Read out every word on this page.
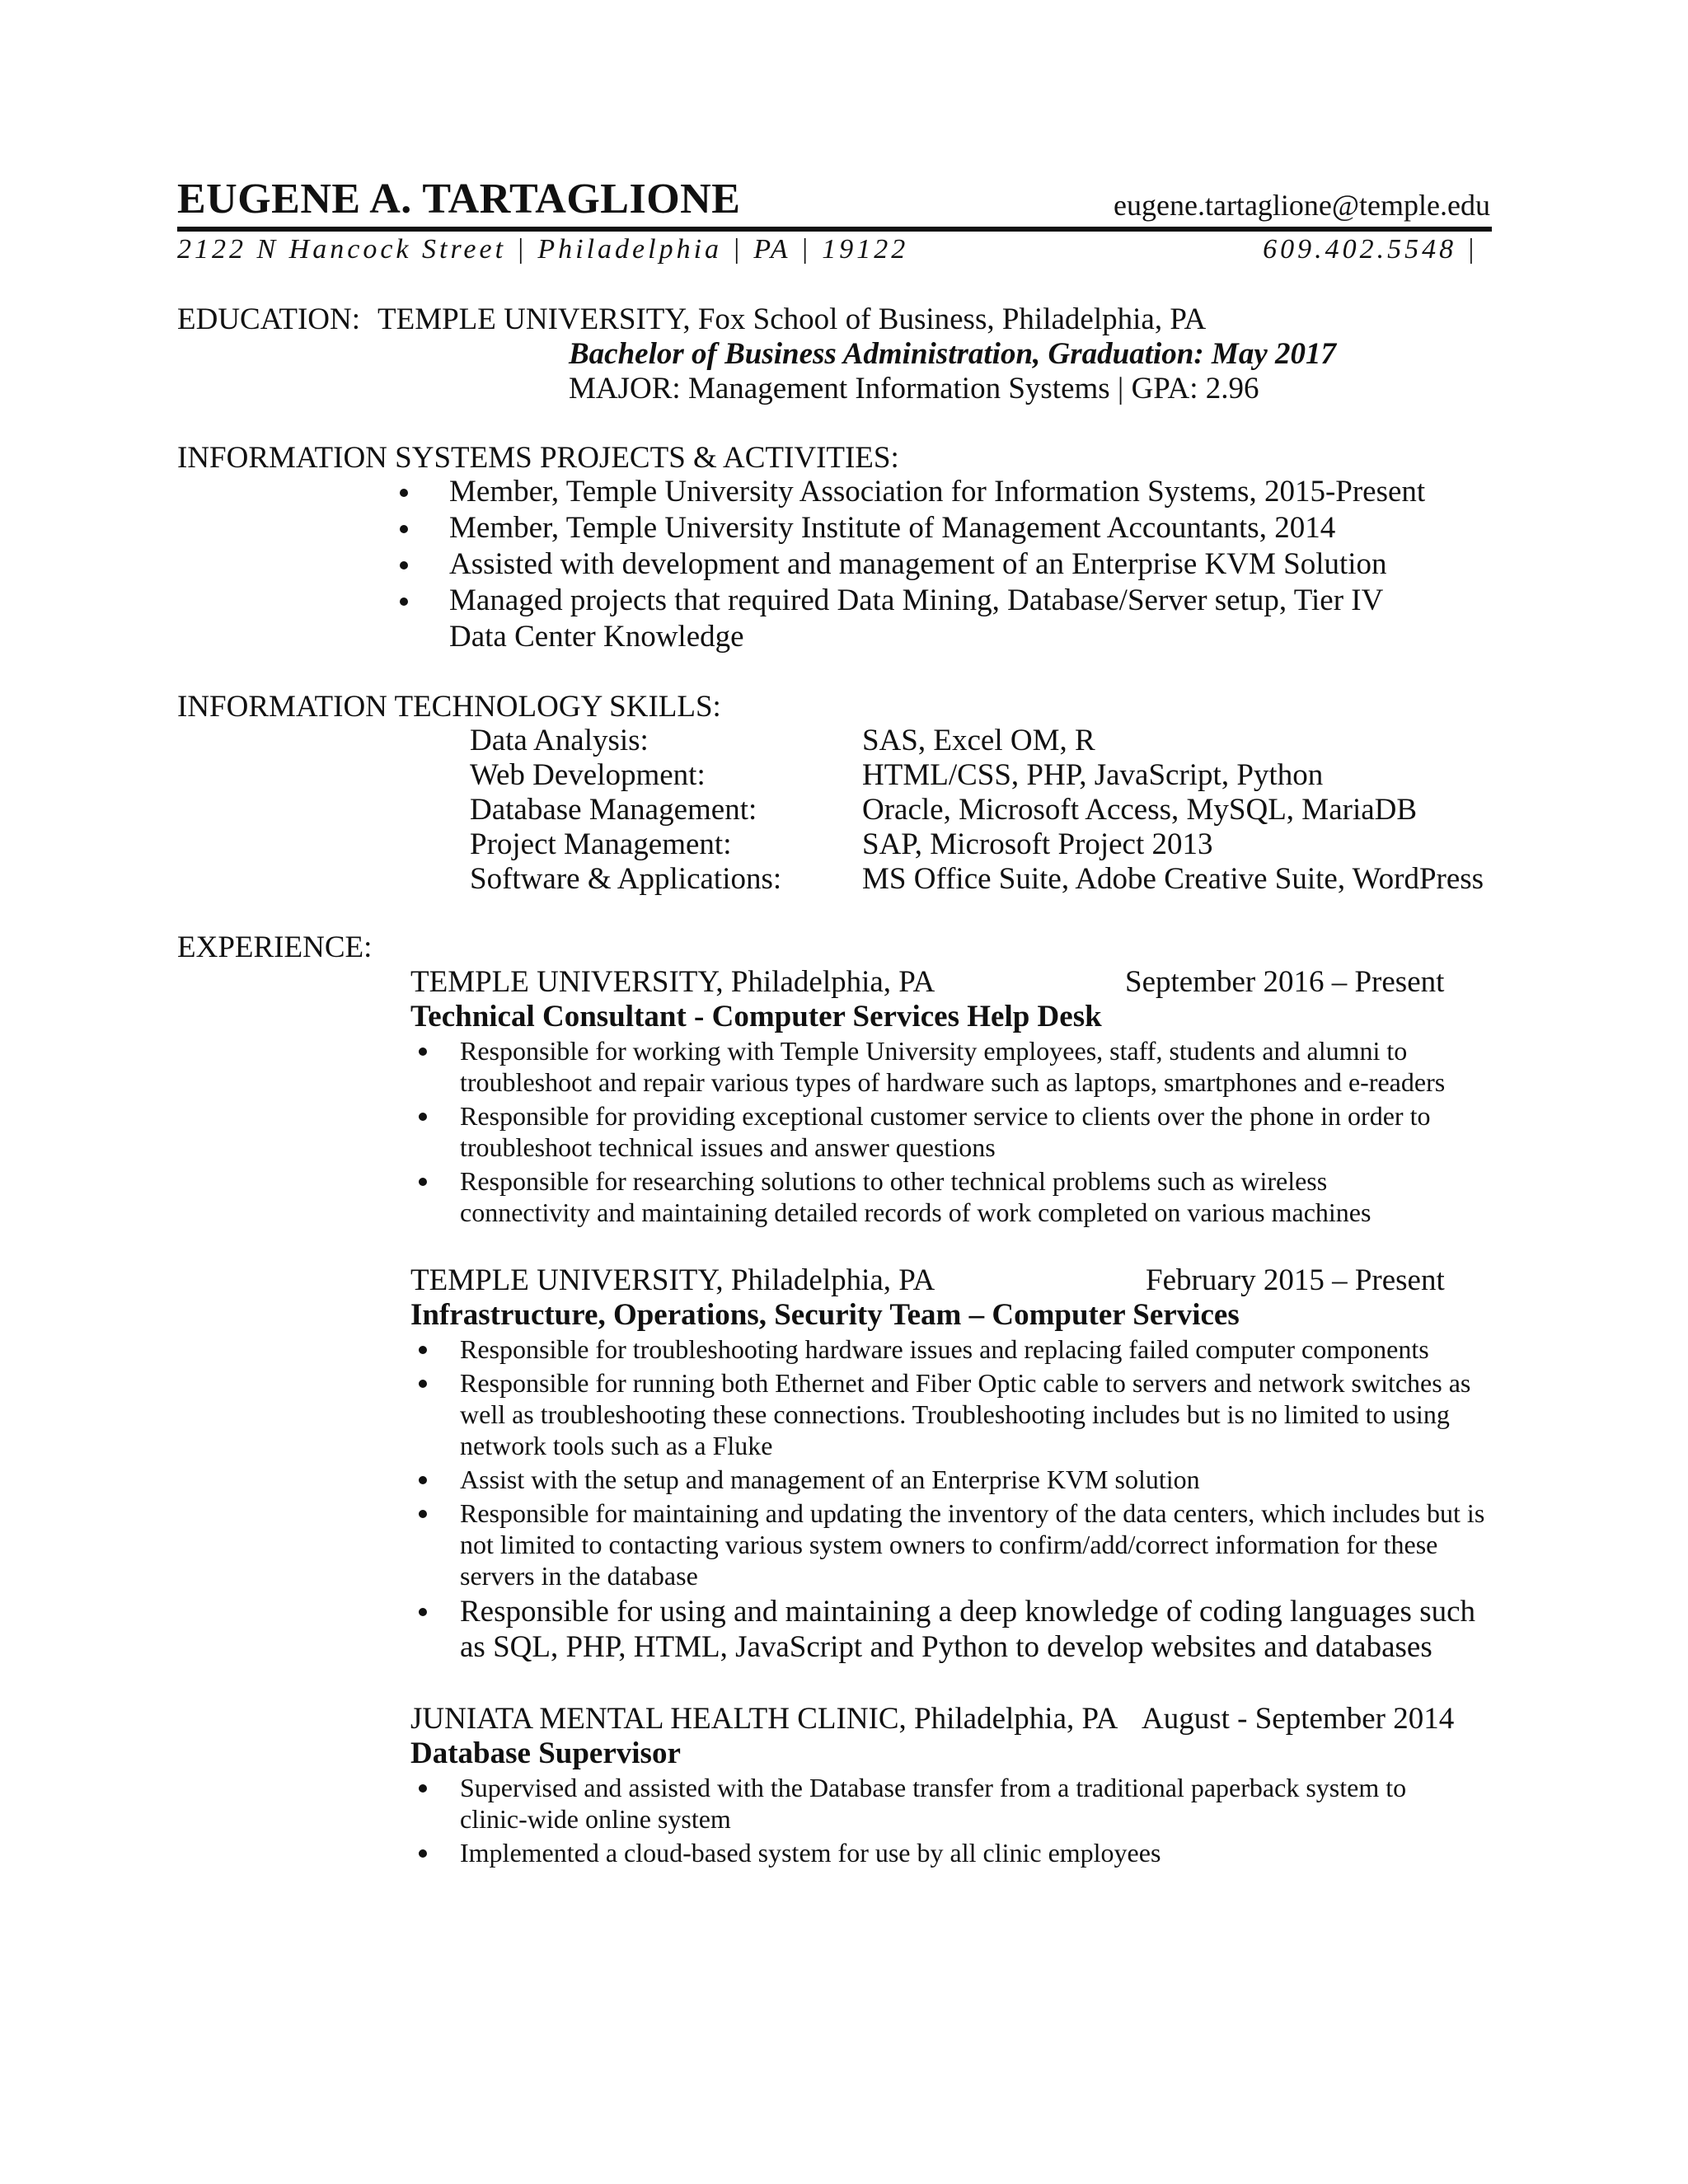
EUGENE A. TARTAGLIONE	eugene.tartaglione@temple.edu
2122 N Hancock Street | Philadelphia | PA | 19122	609.402.5548 |
EDUCATION: TEMPLE UNIVERSITY, Fox School of Business, Philadelphia, PA
Bachelor of Business Administration, Graduation: May 2017
MAJOR: Management Information Systems | GPA: 2.96
INFORMATION SYSTEMS PROJECTS & ACTIVITIES:
Member, Temple University Association for Information Systems, 2015-Present
Member, Temple University Institute of Management Accountants, 2014
Assisted with development and management of an Enterprise KVM Solution
Managed projects that required Data Mining, Database/Server setup, Tier IV Data Center Knowledge
INFORMATION TECHNOLOGY SKILLS:
Data Analysis:	SAS, Excel OM, R
Web Development:	HTML/CSS, PHP, JavaScript, Python
Database Management:	Oracle, Microsoft Access, MySQL, MariaDB
Project Management:	SAP, Microsoft Project 2013
Software & Applications:	MS Office Suite, Adobe Creative Suite, WordPress
EXPERIENCE:
TEMPLE UNIVERSITY, Philadelphia, PA	September 2016 – Present
Technical Consultant - Computer Services Help Desk
Responsible for working with Temple University employees, staff, students and alumni to troubleshoot and repair various types of hardware such as laptops, smartphones and e-readers
Responsible for providing exceptional customer service to clients over the phone in order to troubleshoot technical issues and answer questions
Responsible for researching solutions to other technical problems such as wireless connectivity and maintaining detailed records of work completed on various machines
TEMPLE UNIVERSITY, Philadelphia, PA	February 2015 – Present
Infrastructure, Operations, Security Team – Computer Services
Responsible for troubleshooting hardware issues and replacing failed computer components
Responsible for running both Ethernet and Fiber Optic cable to servers and network switches as well as troubleshooting these connections. Troubleshooting includes but is no limited to using network tools such as a Fluke
Assist with the setup and management of an Enterprise KVM solution
Responsible for maintaining and updating the inventory of the data centers, which includes but is not limited to contacting various system owners to confirm/add/correct information for these servers in the database
Responsible for using and maintaining a deep knowledge of coding languages such as SQL, PHP, HTML, JavaScript and Python to develop websites and databases
JUNIATA MENTAL HEALTH CLINIC, Philadelphia, PA August - September 2014
Database Supervisor
Supervised and assisted with the Database transfer from a traditional paperback system to clinic-wide online system
Implemented a cloud-based system for use by all clinic employees
